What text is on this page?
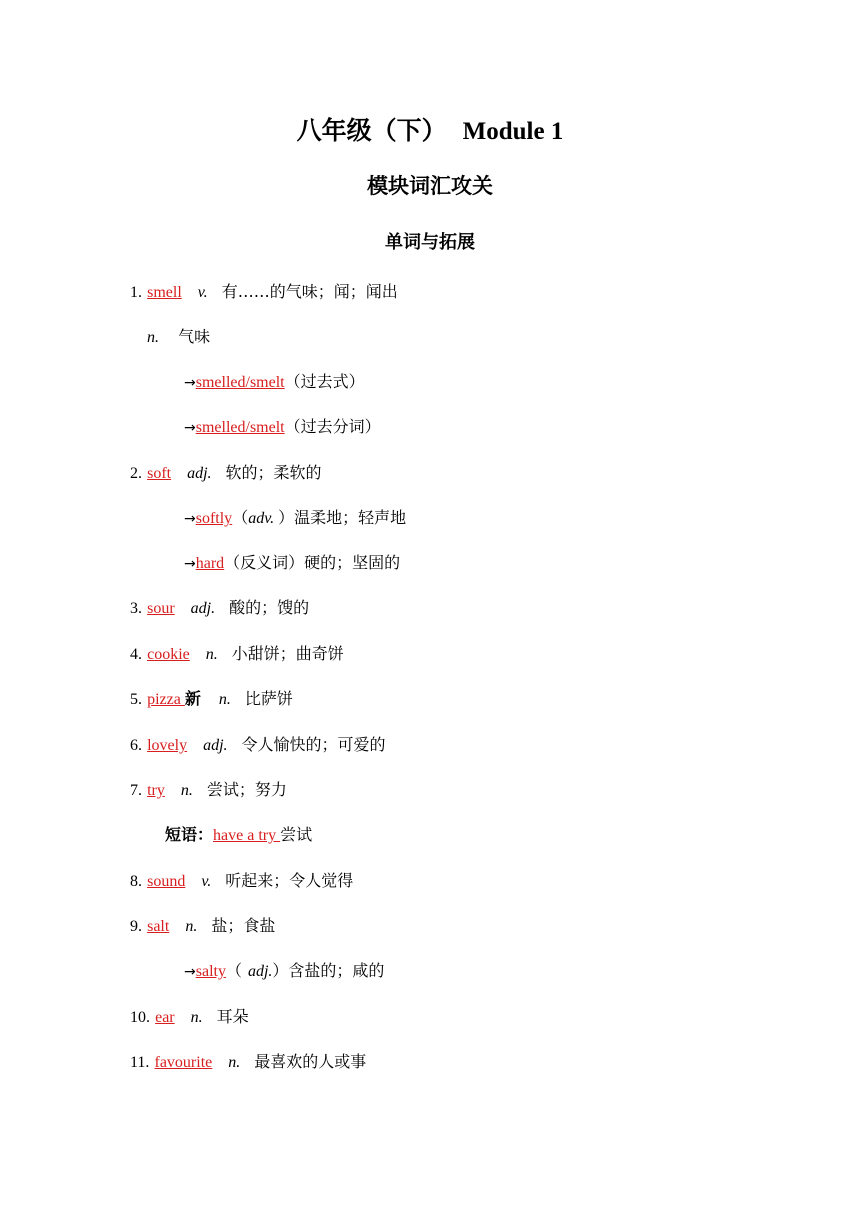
八年级（下） Module 1
模块词汇攻关
单词与拓展
1. smell v. 有……的气味；闻；闻出
n. 气味
→smelled/smelt（过去式）
→smelled/smelt（过去分词）
2. soft adj. 软的；柔软的
→softly（adv. ）温柔地；轻声地
→hard（反义词）硬的；坚固的
3. sour adj. 酸的；馊的
4. cookie n. 小甜饼；曲奇饼
5. pizza 新 n. 比萨饼
6. lovely adj. 令人愉快的；可爱的
7. try n. 尝试；努力
短语：have a try 尝试
8. sound v. 听起来；令人觉得
9. salt n. 盐；食盐
→salty（ adj.）含盐的；咸的
10. ear n. 耳朵
11. favourite n. 最喜欢的人或事
